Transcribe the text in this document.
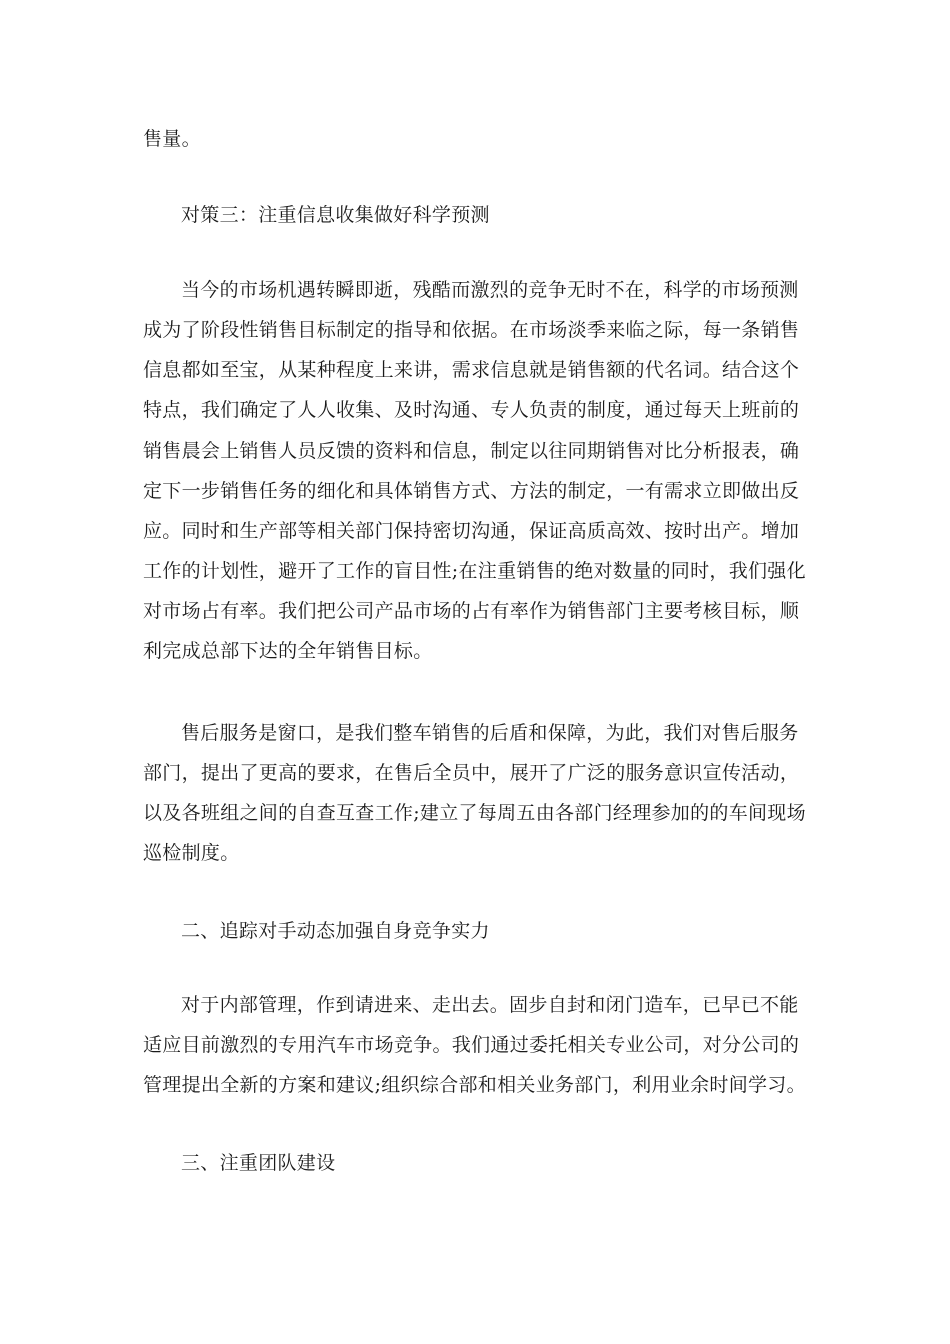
售量。
对策三：注重信息收集做好科学预测
当今的市场机遇转瞬即逝，残酷而激烈的竞争无时不在，科学的市场预测
成为了阶段性销售目标制定的指导和依据。在市场淡季来临之际，每一条销售
信息都如至宝，从某种程度上来讲，需求信息就是销售额的代名词。结合这个
特点，我们确定了人人收集、及时沟通、专人负责的制度，通过每天上班前的
销售晨会上销售人员反馈的资料和信息，制定以往同期销售对比分析报表，确
定下一步销售任务的细化和具体销售方式、方法的制定，一有需求立即做出反
应。同时和生产部等相关部门保持密切沟通，保证高质高效、按时出产。增加
工作的计划性，避开了工作的盲目性;在注重销售的绝对数量的同时，我们强化
对市场占有率。我们把公司产品市场的占有率作为销售部门主要考核目标，顺
利完成总部下达的全年销售目标。
售后服务是窗口，是我们整车销售的后盾和保障，为此，我们对售后服务
部门，提出了更高的要求，在售后全员中，展开了广泛的服务意识宣传活动，
以及各班组之间的自查互查工作;建立了每周五由各部门经理参加的的车间现场
巡检制度。
二、追踪对手动态加强自身竞争实力
对于内部管理，作到请进来、走出去。固步自封和闭门造车，已早已不能
适应目前激烈的专用汽车市场竞争。我们通过委托相关专业公司，对分公司的
管理提出全新的方案和建议;组织综合部和相关业务部门，利用业余时间学习。
三、注重团队建设
